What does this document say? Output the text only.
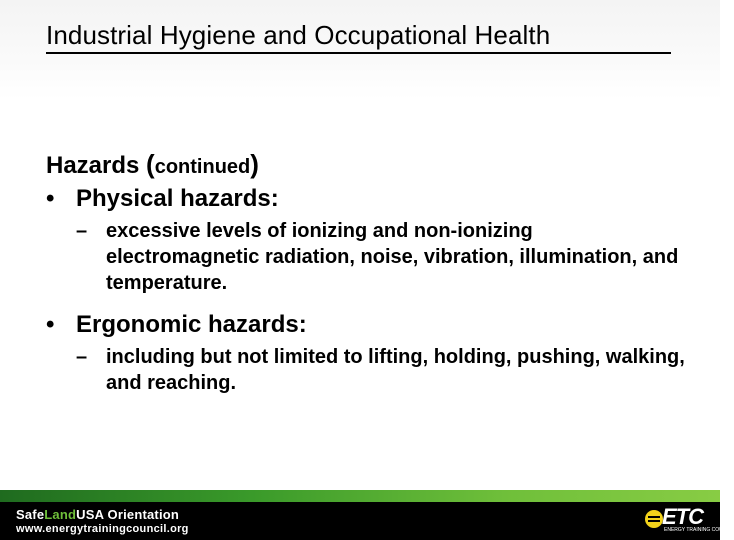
Industrial Hygiene and Occupational Health
Hazards (continued)
• Physical hazards:
– excessive levels of ionizing and non-ionizing electromagnetic radiation, noise, vibration, illumination, and temperature.
• Ergonomic hazards:
– including but not limited to lifting, holding, pushing, walking, and reaching.
SafeLandUSA Orientation
www.energytrainingcouncil.org	ETC
ENERGY TRAINING COUNCIL
